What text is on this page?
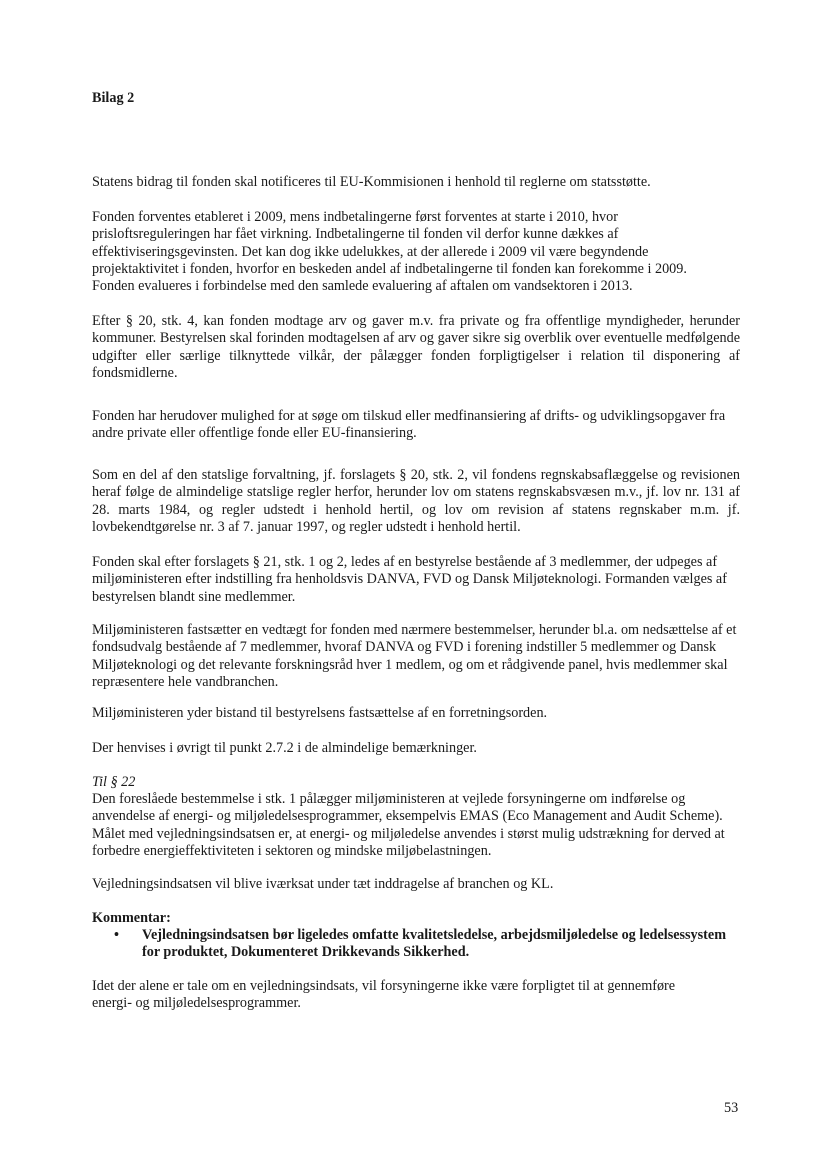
Bilag 2

Statens bidrag til fonden skal notificeres til EU-Kommisionen i henhold til reglerne om statsstøtte.

Fonden forventes etableret i 2009, mens indbetalingerne først forventes at starte i 2010, hvor prisloftsreguleringen har fået virkning. Indbetalingerne til fonden vil derfor kunne dækkes af effektiviseringsgevinsten. Det kan dog ikke udelukkes, at der allerede i 2009 vil være begyndende projektaktivitet i fonden, hvorfor en beskeden andel af indbetalingerne til fonden kan forekomme i 2009. Fonden evalueres i forbindelse med den samlede evaluering af aftalen om vandsektoren i 2013.

Efter § 20, stk. 4, kan fonden modtage arv og gaver m.v. fra private og fra offentlige myndigheder, herunder kommuner. Bestyrelsen skal forinden modtagelsen af arv og gaver sikre sig overblik over eventuelle medfølgende udgifter eller særlige tilknyttede vilkår, der pålægger fonden forpligtigelser i relation til disponering af fondsmidlerne.

Fonden har herudover mulighed for at søge om tilskud eller medfinansiering af drifts- og udviklingsopgaver fra andre private eller offentlige fonde eller EU-finansiering.

Som en del af den statslige forvaltning, jf. forslagets § 20, stk. 2, vil fondens regnskabsaflæggelse og revisionen heraf følge de almindelige statslige regler herfor, herunder lov om statens regnskabsvæsen m.v., jf. lov nr. 131 af 28. marts 1984, og regler udstedt i henhold hertil, og lov om revision af statens regnskaber m.m. jf. lovbekendtgørelse nr. 3 af 7. januar 1997, og regler udstedt i henhold hertil.

Fonden skal efter forslagets § 21, stk. 1 og 2, ledes af en bestyrelse bestående af 3 medlemmer, der udpeges af miljøministeren efter indstilling fra henholdsvis DANVA, FVD og Dansk Miljøteknologi. Formanden vælges af bestyrelsen blandt sine medlemmer.

Miljøministeren fastsætter en vedtægt for fonden med nærmere bestemmelser, herunder bl.a. om nedsættelse af et fondsudvalg bestående af 7 medlemmer, hvoraf DANVA og FVD i forening indstiller 5 medlemmer og Dansk Miljøteknologi og det relevante forskningsråd hver 1 medlem, og om et rådgivende panel, hvis medlemmer skal repræsentere hele vandbranchen.

Miljøministeren yder bistand til bestyrelsens fastsættelse af en forretningsorden.

Der henvises i øvrigt til punkt 2.7.2 i de almindelige bemærkninger.

Til § 22

Den foreslåede bestemmelse i stk. 1 pålægger miljøministeren at vejlede forsyningerne om indførelse og anvendelse af energi- og miljøledelsesprogrammer, eksempelvis EMAS (Eco Management and Audit Scheme). Målet med vejledningsindsatsen er, at energi- og miljøledelse anvendes i størst mulig udstrækning for derved at forbedre energieffektiviteten i sektoren og mindske miljøbelastningen.

Vejledningsindsatsen vil blive iværksat under tæt inddragelse af branchen og KL.

Kommentar:

• Vejledningsindsatsen bør ligeledes omfatte kvalitetsledelse, arbejdsmiljøledelse og ledelsessystem for produktet, Dokumenteret Drikkevands Sikkerhed.

Idet der alene er tale om en vejledningsindsats, vil forsyningerne ikke være forpligtet til at gennemføre energi- og miljøledelsesprogrammer.

53
